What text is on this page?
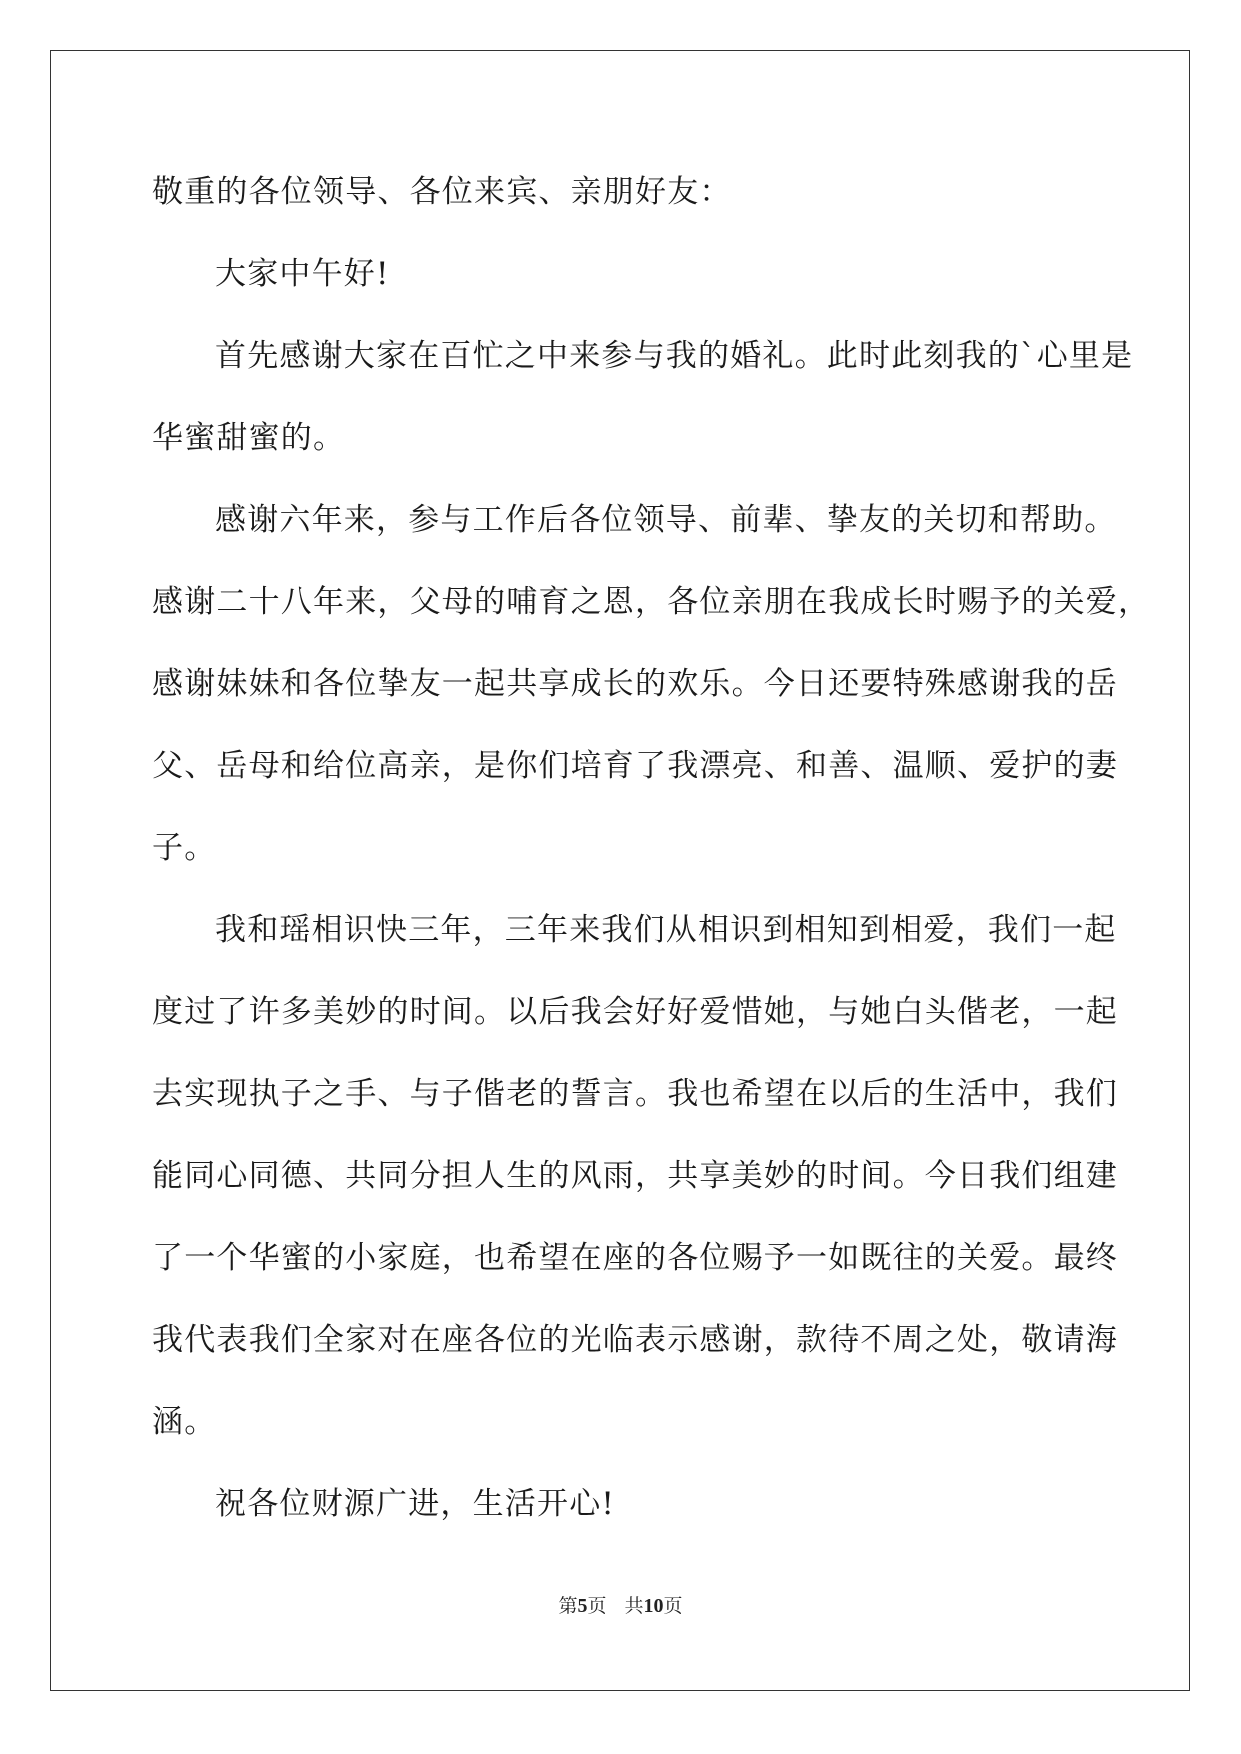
敬重的各位领导、各位来宾、亲朋好友：

大家中午好!

首先感谢大家在百忙之中来参与我的婚礼。此时此刻我的`心里是

华蜜甜蜜的。

感谢六年来，参与工作后各位领导、前辈、挚友的关切和帮助。

感谢二十八年来，父母的哺育之恩，各位亲朋在我成长时赐予的关爱，

感谢妹妹和各位挚友一起共享成长的欢乐。今日还要特殊感谢我的岳

父、岳母和给位高亲，是你们培育了我漂亮、和善、温顺、爱护的妻

子。

我和瑶相识快三年，三年来我们从相识到相知到相爱，我们一起

度过了许多美妙的时间。以后我会好好爱惜她，与她白头偕老，一起

去实现执子之手、与子偕老的誓言。我也希望在以后的生活中，我们

能同心同德、共同分担人生的风雨，共享美妙的时间。今日我们组建

了一个华蜜的小家庭，也希望在座的各位赐予一如既往的关爱。最终

我代表我们全家对在座各位的光临表示感谢，款待不周之处，敬请海

涵。

祝各位财源广进，生活开心!

第5页 共10页
